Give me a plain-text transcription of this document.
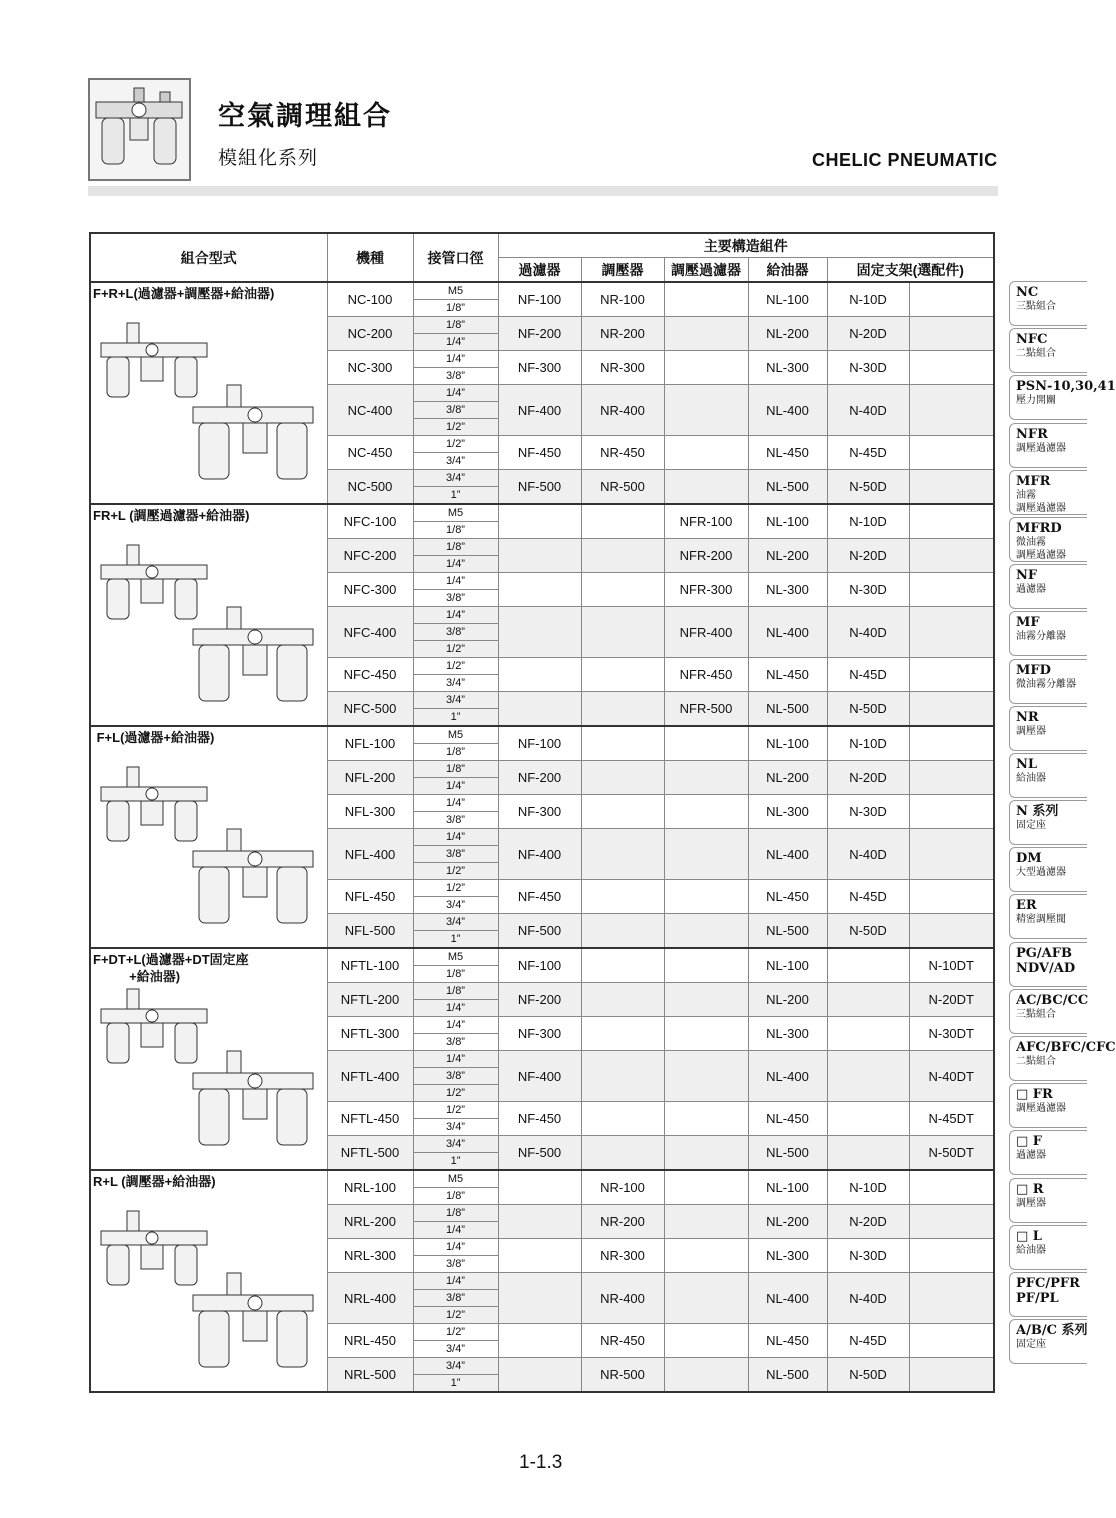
空氣調理組合
模組化系列	CHELIC PNEUMATIC
組合型式	機種	接管口徑	主要構造組件					
			過濾器	調壓器	調壓過濾器	給油器	固定支架(選配件)	

F+R+L(過濾器+調壓器+給油器)	NC-100	M5	NF-100	NR-100		NL-100	N-10D	
		1/8”						
	NC-200	1/8”	NF-200	NR-200		NL-200	N-20D	
		1/4”						
	NC-300	1/4”	NF-300	NR-300		NL-300	N-30D	
		3/8”						
	NC-400	1/4”	NF-400	NR-400		NL-400	N-40D	
		3/8”						
		1/2”						
	NC-450	1/2”	NF-450	NR-450		NL-450	N-45D	
		3/4”						
	NC-500	3/4”	NF-500	NR-500		NL-500	N-50D	
		1”						

FR+L (調壓過濾器+給油器)	NFC-100	M5			NFR-100	NL-100	N-10D	
		1/8”						
	NFC-200	1/8”			NFR-200	NL-200	N-20D	
		1/4”						
	NFC-300	1/4”			NFR-300	NL-300	N-30D	
		3/8”						
	NFC-400	1/4”			NFR-400	NL-400	N-40D	
		3/8”						
		1/2”						
	NFC-450	1/2”			NFR-450	NL-450	N-45D	
		3/4”						
	NFC-500	3/4”			NFR-500	NL-500	N-50D	
		1”						

F+L(過濾器+給油器)	NFL-100	M5	NF-100			NL-100	N-10D	
		1/8”						
	NFL-200	1/8”	NF-200			NL-200	N-20D	
		1/4”						
	NFL-300	1/4”	NF-300			NL-300	N-30D	
		3/8”						
	NFL-400	1/4”	NF-400			NL-400	N-40D	
		3/8”						
		1/2”						
	NFL-450	1/2”	NF-450			NL-450	N-45D	
		3/4”						
	NFL-500	3/4”	NF-500			NL-500	N-50D	
		1”						

F+DT+L(過濾器+DT固定座
+給油器)	NFTL-100	M5	NF-100			NL-100		N-10DT
		1/8”						
	NFTL-200	1/8”	NF-200			NL-200		N-20DT
		1/4”						
	NFTL-300	1/4”	NF-300			NL-300		N-30DT
		3/8”						
	NFTL-400	1/4”	NF-400			NL-400		N-40DT
		3/8”						
		1/2”						
	NFTL-450	1/2”	NF-450			NL-450		N-45DT
		3/4”						
	NFTL-500	3/4”	NF-500			NL-500		N-50DT
		1”						

R+L (調壓器+給油器)	NRL-100	M5		NR-100		NL-100	N-10D	
		1/8”						
	NRL-200	1/8”		NR-200		NL-200	N-20D	
		1/4”						
	NRL-300	1/4”		NR-300		NL-300	N-30D	
		3/8”						
	NRL-400	1/4”		NR-400		NL-400	N-40D	
		3/8”						
		1/2”						
	NRL-450	1/2”		NR-450		NL-450	N-45D	
		3/4”						
	NRL-500	3/4”		NR-500		NL-500	N-50D	
		1”						
NC
三點組合
NFC
二點組合
PSN-10,30,41
壓力開關
NFR
調壓過濾器
MFR
油霧
調壓過濾器
MFRD
微油霧
調壓過濾器
NF
過濾器
MF
油霧分離器
MFD
微油霧分離器
NR
調壓器
NL
給油器
N 系列
固定座
DM
大型過濾器
ER
精密調壓閥
PG/AFB
NDV/AD
AC/BC/CC
三點組合
AFC/BFC/CFC
二點組合
□ FR
調壓過濾器
□ F
過濾器
□ R
調壓器
□ L
給油器
PFC/PFR
PF/PL
A/B/C 系列
固定座
1-1.3
